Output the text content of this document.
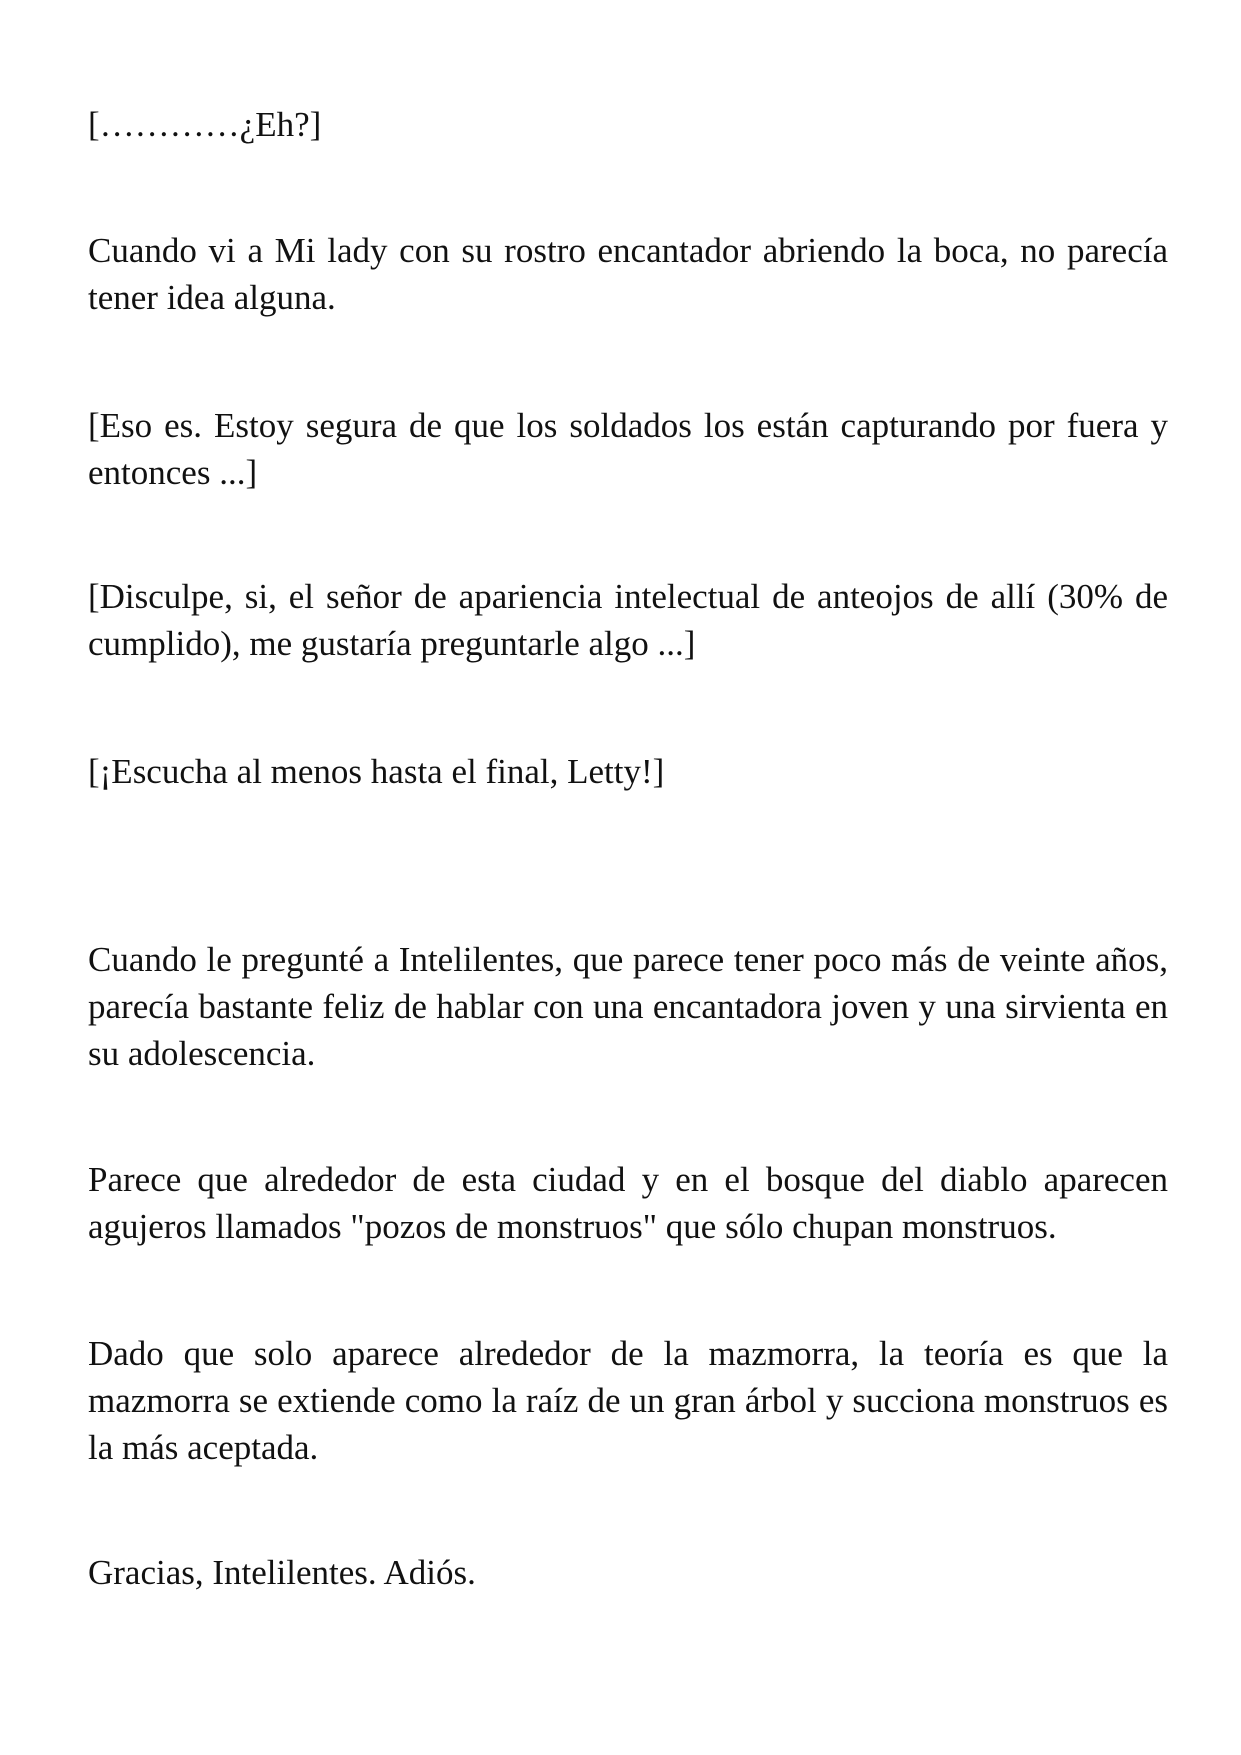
[…………¿Eh?]

Cuando vi a Mi lady con su rostro encantador abriendo la boca, no parecía tener idea alguna.

[Eso es. Estoy segura de que los soldados los están capturando por fuera y entonces ...]

[Disculpe, si, el señor de apariencia intelectual de anteojos de allí (30% de cumplido), me gustaría preguntarle algo ...]

[¡Escucha al menos hasta el final, Letty!]

Cuando le pregunté a Intelilentes, que parece tener poco más de veinte años, parecía bastante feliz de hablar con una encantadora joven y una sirvienta en su adolescencia.

Parece que alrededor de esta ciudad y en el bosque del diablo aparecen agujeros llamados "pozos de monstruos" que sólo chupan monstruos.

Dado que solo aparece alrededor de la mazmorra, la teoría es que la mazmorra se extiende como la raíz de un gran árbol y succiona monstruos es la más aceptada.

Gracias, Intelilentes. Adiós.
